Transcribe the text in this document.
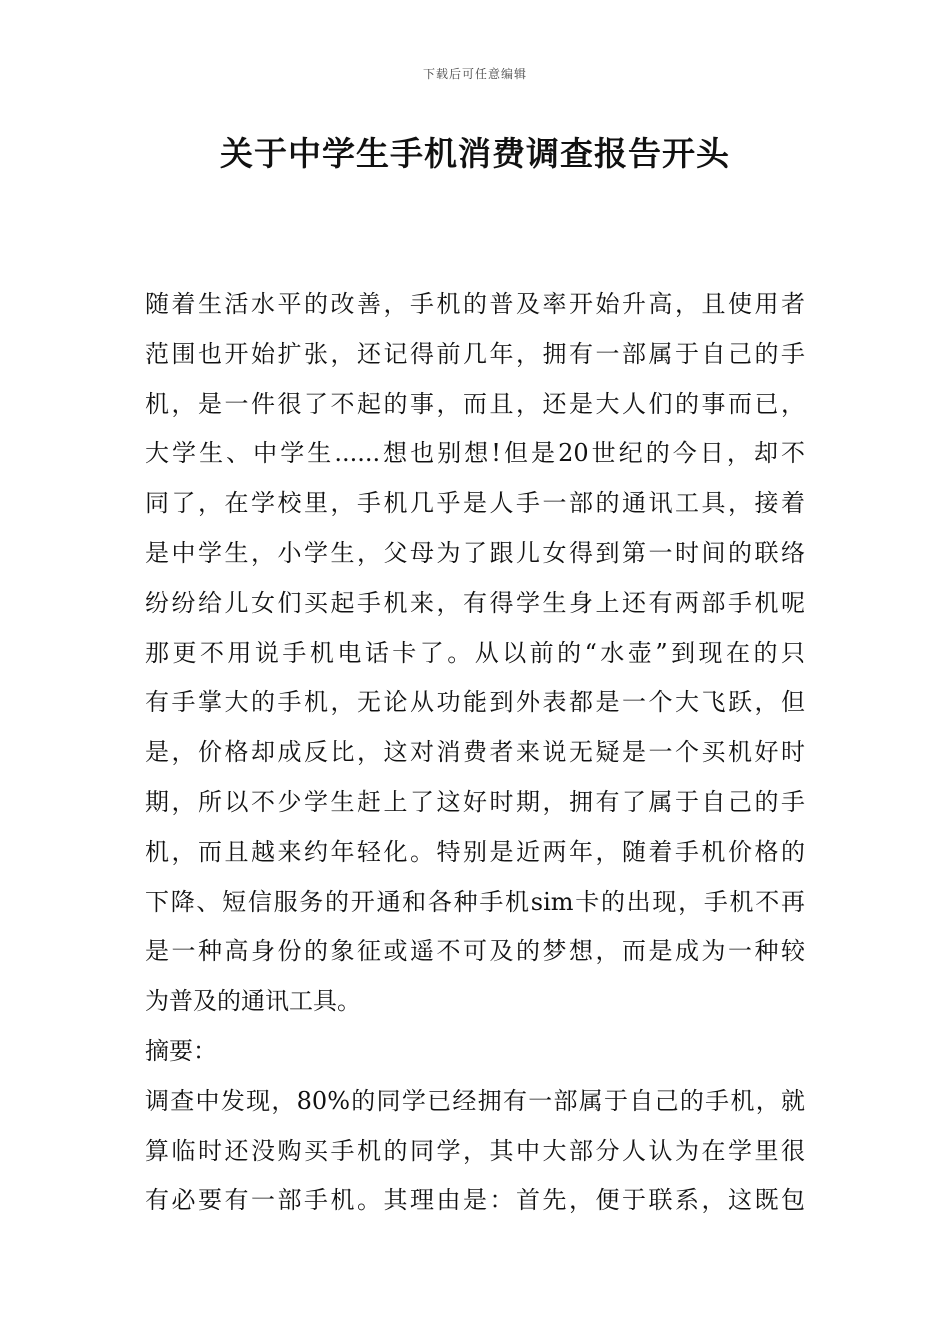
下载后可任意编辑
关于中学生手机消费调查报告开头
随着生活水平的改善，手机的普及率开始升高，且使用者
范围也开始扩张，还记得前几年，拥有一部属于自己的手
机，是一件很了不起的事，而且，还是大人们的事而已，
大学生、中学生......想也别想!但是20世纪的今日，却不
同了，在学校里，手机几乎是人手一部的通讯工具，接着
是中学生，小学生，父母为了跟儿女得到第一时间的联络
纷纷给儿女们买起手机来，有得学生身上还有两部手机呢
那更不用说手机电话卡了。从以前的“水壶”到现在的只
有手掌大的手机，无论从功能到外表都是一个大飞跃，但
是，价格却成反比，这对消费者来说无疑是一个买机好时
期，所以不少学生赶上了这好时期，拥有了属于自己的手
机，而且越来约年轻化。特别是近两年，随着手机价格的
下降、短信服务的开通和各种手机sim卡的出现，手机不再
是一种高身份的象征或遥不可及的梦想，而是成为一种较
为普及的通讯工具。
摘要：
调查中发现，80%的同学已经拥有一部属于自己的手机，就
算临时还没购买手机的同学，其中大部分人认为在学里很
有必要有一部手机。其理由是：首先，便于联系，这既包
